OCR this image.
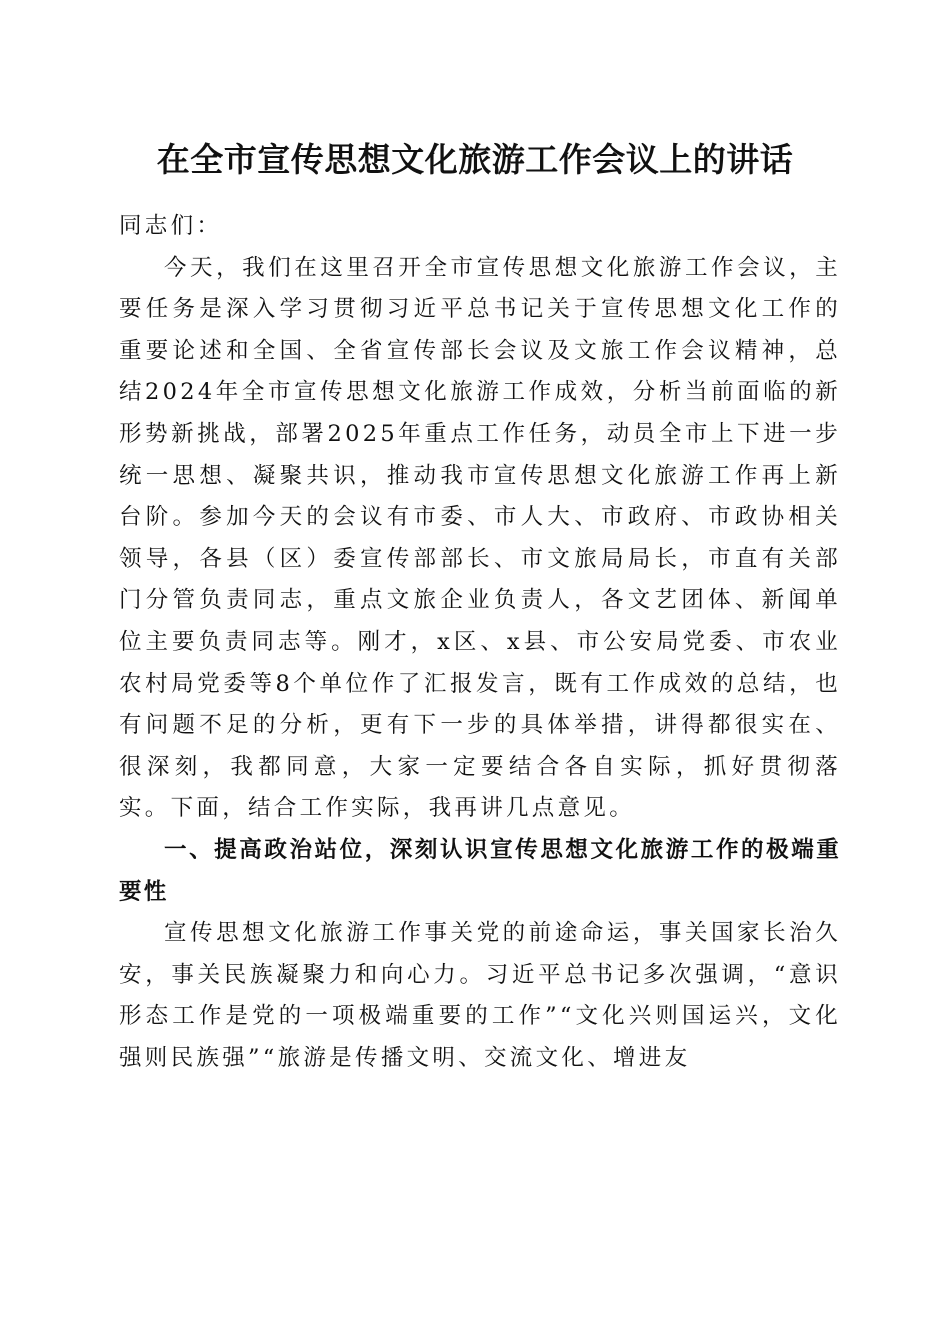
在全市宣传思想文化旅游工作会议上的讲话

同志们：

今天，我们在这里召开全市宣传思想文化旅游工作会议，主要任务是深入学习贯彻习近平总书记关于宣传思想文化工作的重要论述和全国、全省宣传部长会议及文旅工作会议精神，总结2024年全市宣传思想文化旅游工作成效，分析当前面临的新形势新挑战，部署2025年重点工作任务，动员全市上下进一步统一思想、凝聚共识，推动我市宣传思想文化旅游工作再上新台阶。参加今天的会议有市委、市人大、市政府、市政协相关领导，各县（区）委宣传部部长、市文旅局局长，市直有关部门分管负责同志，重点文旅企业负责人，各文艺团体、新闻单位主要负责同志等。刚才，x区、x县、市公安局党委、市农业农村局党委等8个单位作了汇报发言，既有工作成效的总结，也有问题不足的分析，更有下一步的具体举措，讲得都很实在、很深刻，我都同意，大家一定要结合各自实际，抓好贯彻落实。下面，结合工作实际，我再讲几点意见。

一、提高政治站位，深刻认识宣传思想文化旅游工作的极端重要性

宣传思想文化旅游工作事关党的前途命运，事关国家长治久安，事关民族凝聚力和向心力。习近平总书记多次强调，“意识形态工作是党的一项极端重要的工作”“文化兴则国运兴，文化强则民族强”“旅游是传播文明、交流文化、增进友
